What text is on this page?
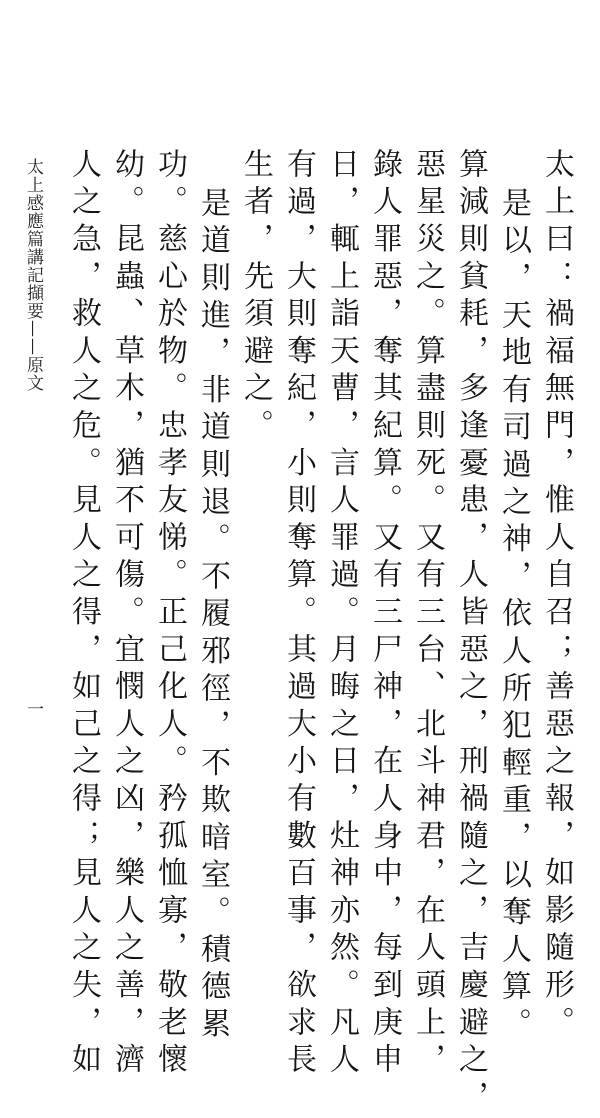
太上曰：禍福無門，惟人自召；善惡之報，如影隨形。
是以，天地有司過之神，依人所犯輕重，以奪人算。
算減則貧耗，多逢憂患，人皆惡之，刑禍隨之，吉慶避之，
惡星災之。算盡則死。又有三台、北斗神君，在人頭上，
錄人罪惡，奪其紀算。又有三尸神，在人身中，每到庚申
日，輒上詣天曹，言人罪過。月晦之日，灶神亦然。凡人
有過，大則奪紀，小則奪算。其過大小有數百事，欲求長
生者，先須避之。
是道則進，非道則退。不履邪徑，不欺暗室。積德累
功。慈心於物。忠孝友悌。正己化人。矜孤恤寡，敬老懷
幼。昆蟲、草木，猶不可傷。宜憫人之凶，樂人之善，濟
人之急，救人之危。見人之得，如己之得；見人之失，如
太上感應篇講記擷要——原文
一
